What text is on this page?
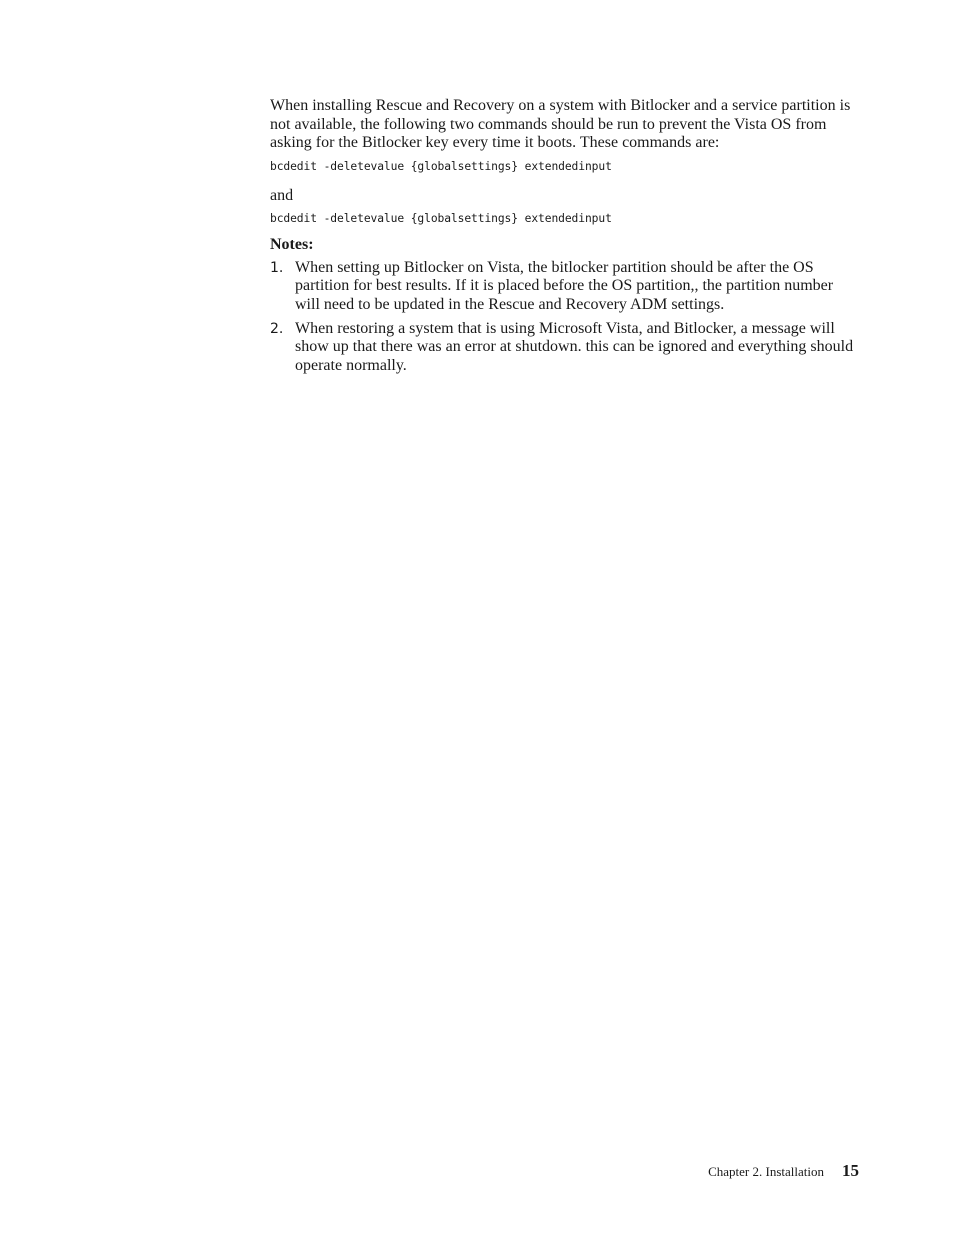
When installing Rescue and Recovery on a system with Bitlocker and a service partition is not available, the following two commands should be run to prevent the Vista OS from asking for the Bitlocker key every time it boots. These commands are:

bcdedit -deletevalue {globalsettings} extendedinput

and

bcdedit -deletevalue {globalsettings} extendedinput

Notes:
1. When setting up Bitlocker on Vista, the bitlocker partition should be after the OS partition for best results. If it is placed before the OS partition,, the partition number will need to be updated in the Rescue and Recovery ADM settings.
2. When restoring a system that is using Microsoft Vista, and Bitlocker, a message will show up that there was an error at shutdown. this can be ignored and everything should operate normally.
Chapter 2. Installation 15
